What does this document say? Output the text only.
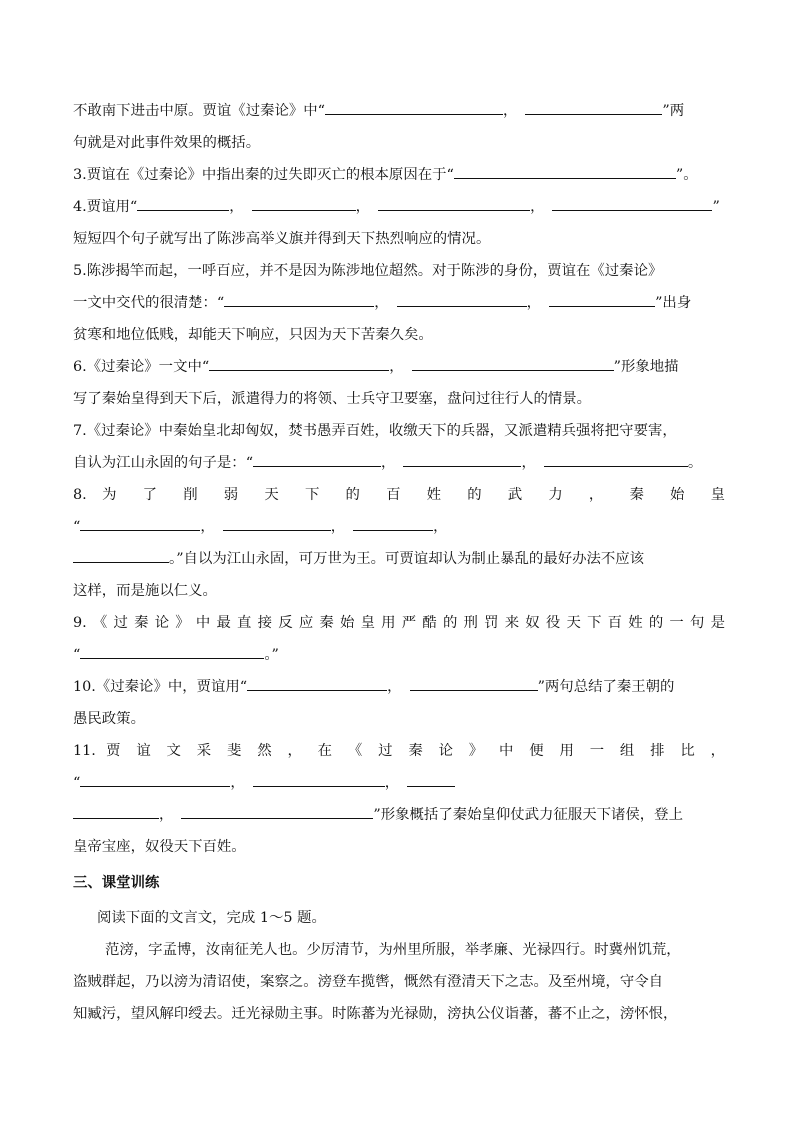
不敢南下进击中原。贾谊《过秦论》中“	，	”两
句就是对此事件效果的概括。
3.贾谊在《过秦论》中指出秦的过失即灭亡的根本原因在于“	”。
4.贾谊用“	，	，	，	”
短短四个句子就写出了陈涉高举义旗并得到天下热烈响应的情况。
5.陈涉揭竿而起，一呼百应，并不是因为陈涉地位超然。对于陈涉的身份，贾谊在《过秦论》
一文中交代的很清楚：“	，	，	”出身
贫寒和地位低贱，却能天下响应，只因为天下苦秦久矣。
6.《过秦论》一文中“	，	”形象地描
写了秦始皇得到天下后，派遣得力的将领、士兵守卫要塞，盘问过往行人的情景。
7.《过秦论》中秦始皇北却匈奴，焚书愚弄百姓，收缴天下的兵器，又派遣精兵强将把守要害，
自认为江山永固的句子是：“	，	，	。
8. 为 了 削 弱 天 下 的 百 姓 的 武 力 ， 秦 始 皇
“	，	，	，
。”自以为江山永固，可万世为王。可贾谊却认为制止暴乱的最好办法不应该
这样，而是施以仁义。
9.《过秦论》中最直接反应秦始皇用严酷的刑罚来奴役天下百姓的一句是
“	。”
10.《过秦论》中，贾谊用“	，	”两句总结了秦王朝的
愚民政策。
11. 贾 谊 文 采 斐 然 ， 在 《 过 秦 论 》 中 便 用 一 组 排 比 ，
“	，	，
，	”形象概括了秦始皇仰仗武力征服天下诸侯，登上
皇帝宝座，奴役天下百姓。
三、课堂训练
阅读下面的文言文，完成 1～5 题。
范滂，字孟博，汝南征羌人也。少厉清节，为州里所服，举孝廉、光禄四行。时冀州饥荒，
盗贼群起，乃以滂为清诏使，案察之。滂登车揽辔，慨然有澄清天下之志。及至州境，守令自
知臧污，望风解印绶去。迁光禄勋主事。时陈蕃为光禄勋，滂执公仪诣蕃，蕃不止之，滂怀恨，
